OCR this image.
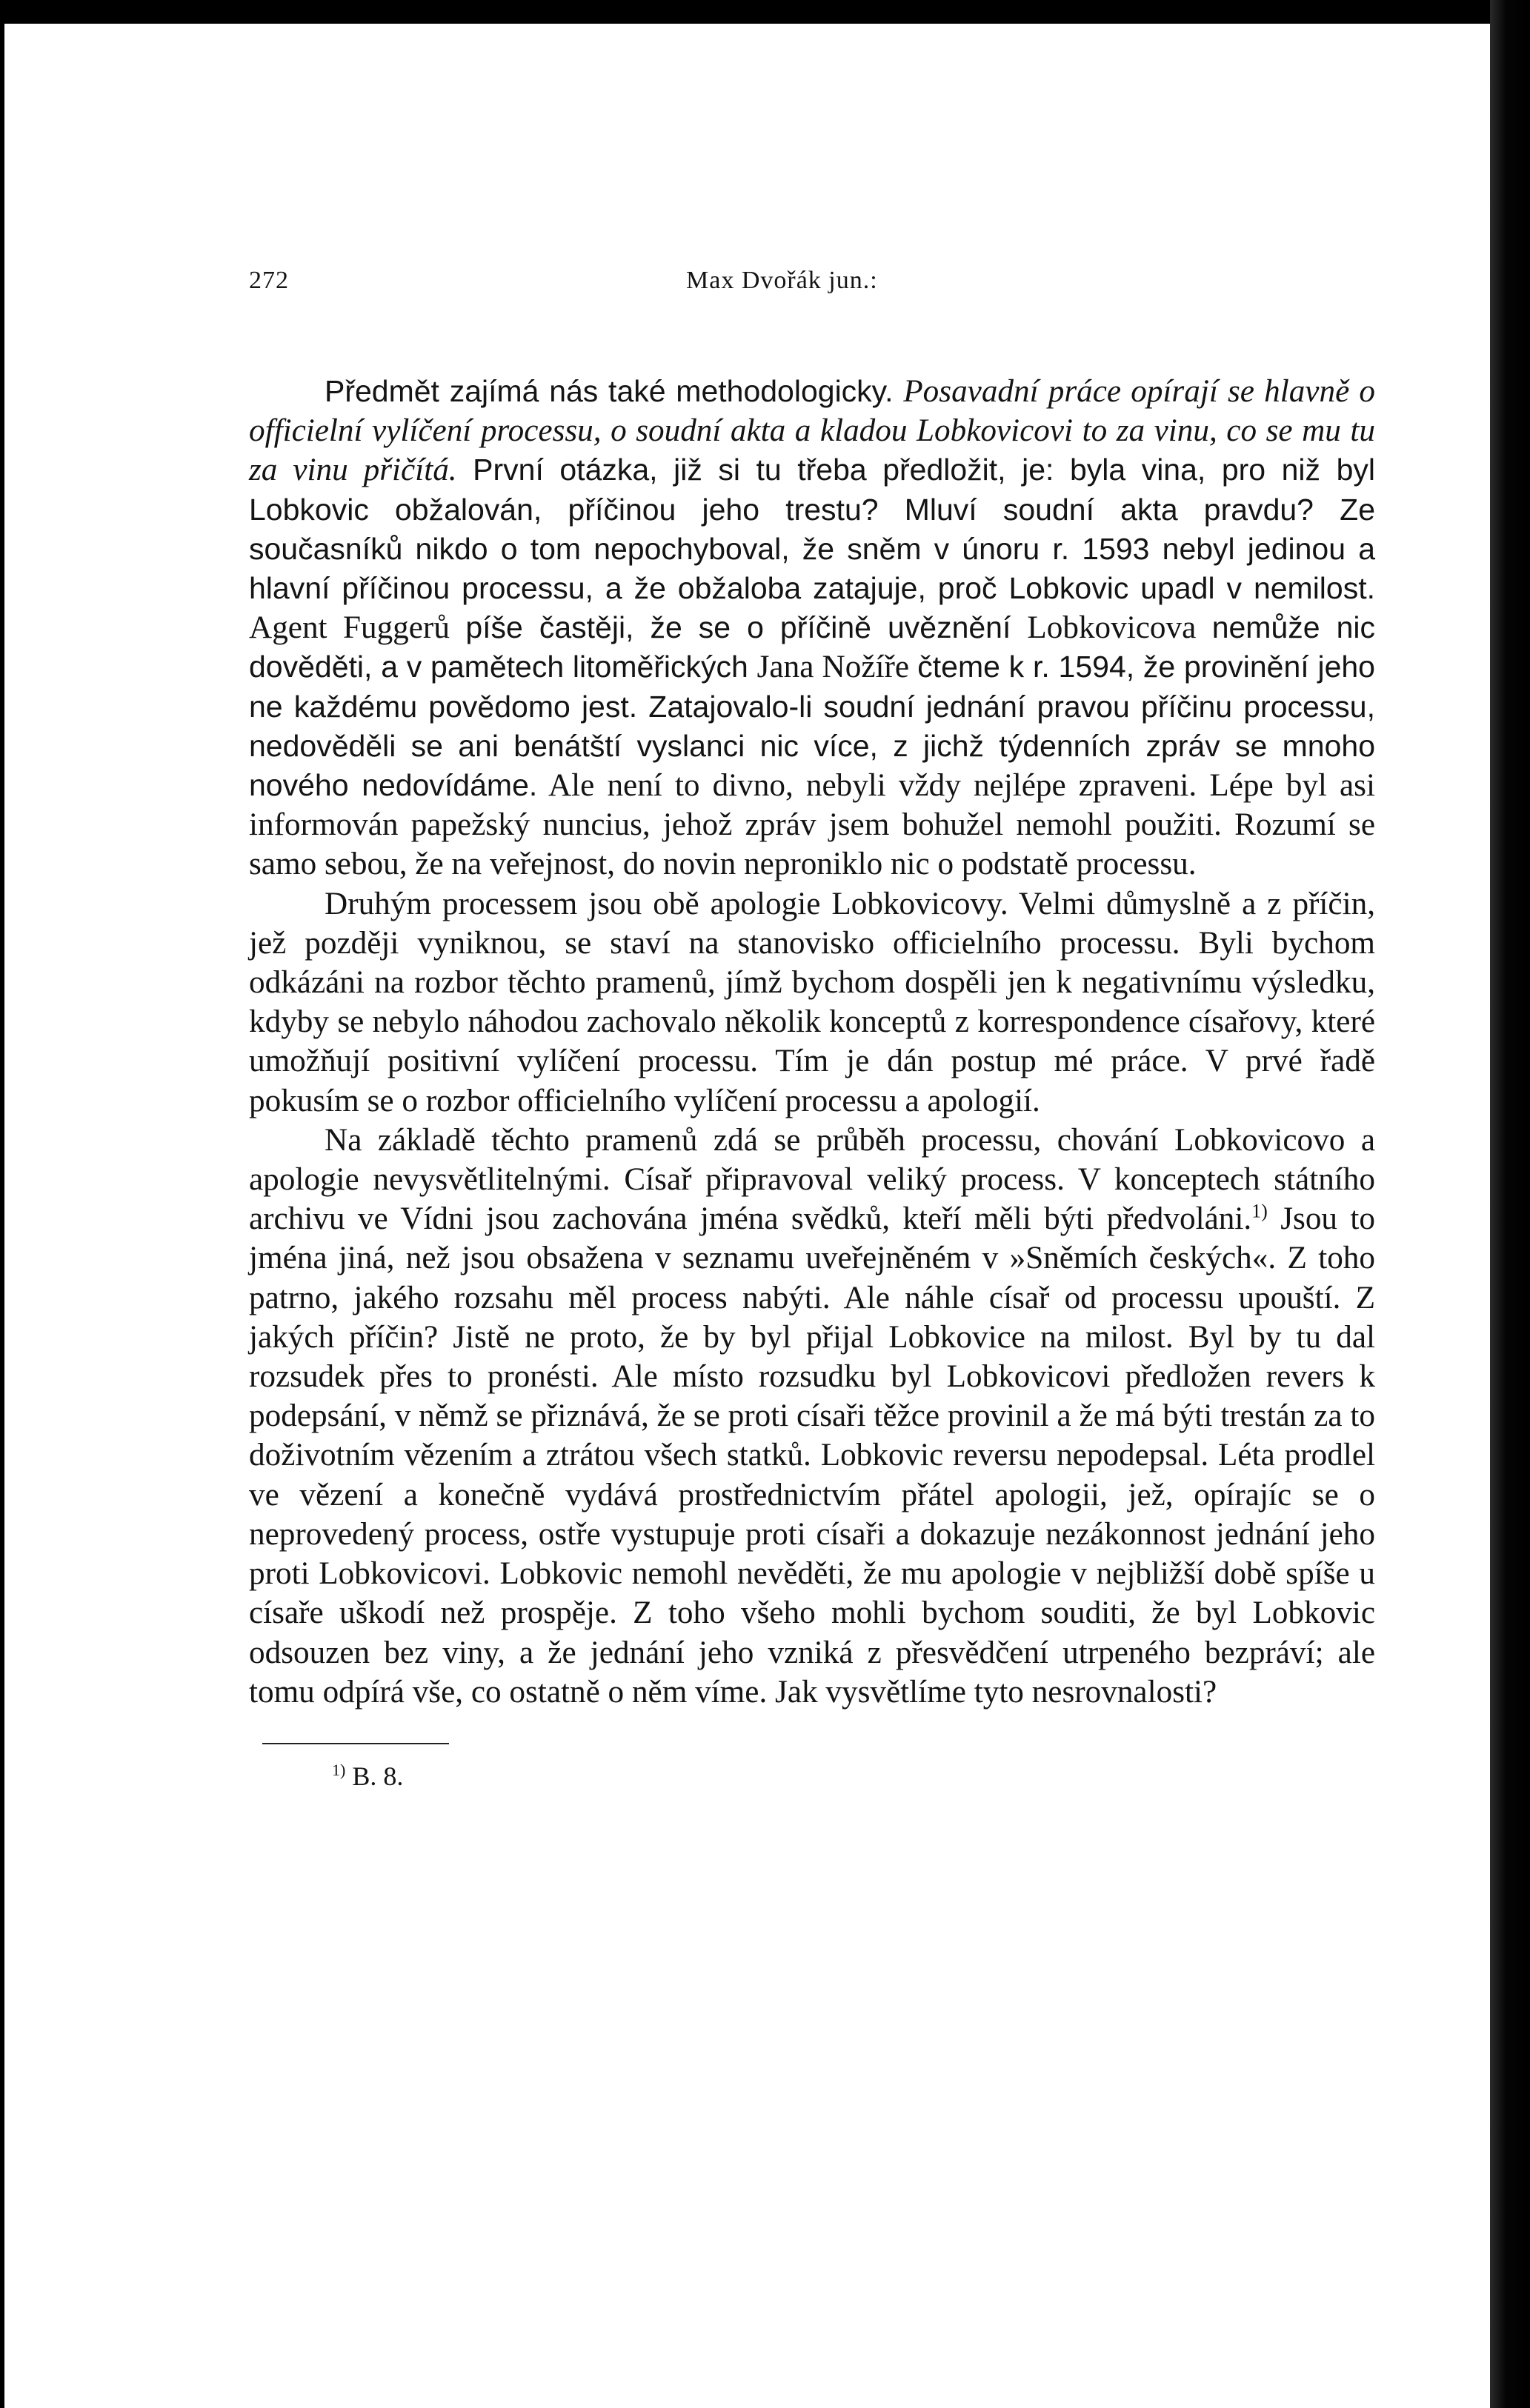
272	Max Dvořák jun.:

Předmět zajímá nás také methodologicky. Posavadní práce opírají se hlavně o officielní vylíčení processu, o soudní akta a kladou Lobkovicovi to za vinu, co se mu tu za vinu přičítá. První otázka, již si tu třeba předložit, je: byla vina, pro niž byl Lobkovic obžalován, příčinou jeho trestu? Mluví soudní akta pravdu? Ze současníků nikdo o tom nepochyboval, že sněm v únoru r. 1593 nebyl jedinou a hlavní příčinou processu, a že obžaloba zatajuje, proč Lobkovic upadl v nemilost. Agent Fuggerů píše častěji, že se o příčině uvěznění Lobkovicova nemůže nic dověděti, a v pamětech litoměřických Jana Nožíře čteme k r. 1594, že provinění jeho ne každému povědomo jest. Zatajovalo-li soudní jednání pravou příčinu processu, nedověděli se ani benátští vyslanci nic více, z jichž týdenních zpráv se mnoho nového nedovídáme. Ale není to divno, nebyli vždy nejlépe zpraveni. Lépe byl asi informován papežský nuncius, jehož zpráv jsem bohužel nemohl použiti. Rozumí se samo sebou, že na veřejnost, do novin neproniklo nic o podstatě processu.

Druhým processem jsou obě apologie Lobkovicovy. Velmi důmyslně a z příčin, jež později vyniknou, se staví na stanovisko officielního processu. Byli bychom odkázáni na rozbor těchto pramenů, jímž bychom dospěli jen k negativnímu výsledku, kdyby se nebylo náhodou zachovalo několik konceptů z korrespondence císařovy, které umožňují positivní vylíčení processu. Tím je dán postup mé práce. V prvé řadě pokusím se o rozbor officielního vylíčení processu a apologií.

Na základě těchto pramenů zdá se průběh processu, chování Lobkovicovo a apologie nevysvětlitelnými. Císař připravoval veliký process. V konceptech státního archivu ve Vídni jsou zachována jména svědků, kteří měli býti předvoláni.$^{1)}$ Jsou to jména jiná, než jsou obsažena v seznamu uveřejněném v »Sněmích českých«. Z toho patrno, jakého rozsahu měl process nabýti. Ale náhle císař od processu upouští. Z jakých příčin? Jistě ne proto, že by byl přijal Lobkovice na milost. Byl by tu dal rozsudek přes to pronésti. Ale místo rozsudku byl Lobkovicovi předložen revers k podepsání, v němž se přiznává, že se proti císaři těžce provinil a že má býti trestán za to doživotním vězením a ztrátou všech statků. Lobkovic reversu nepodepsal. Léta prodlel ve vězení a konečně vydává prostřednictvím přátel apologii, jež, opírajíc se o neprovedený process, ostře vystupuje proti císaři a dokazuje nezákonnost jednání jeho proti Lobkovicovi. Lobkovic nemohl nevěděti, že mu apologie v nejbližší době spíše u císaře uškodí než prospěje. Z toho všeho mohli bychom souditi, že byl Lobkovic odsouzen bez viny, a že jednání jeho vzniká z přesvědčení utrpeného bezpráví; ale tomu odpírá vše, co ostatně o něm víme. Jak vysvětlíme tyto nesrovnalosti?

$^{1)}$ B. 8.
